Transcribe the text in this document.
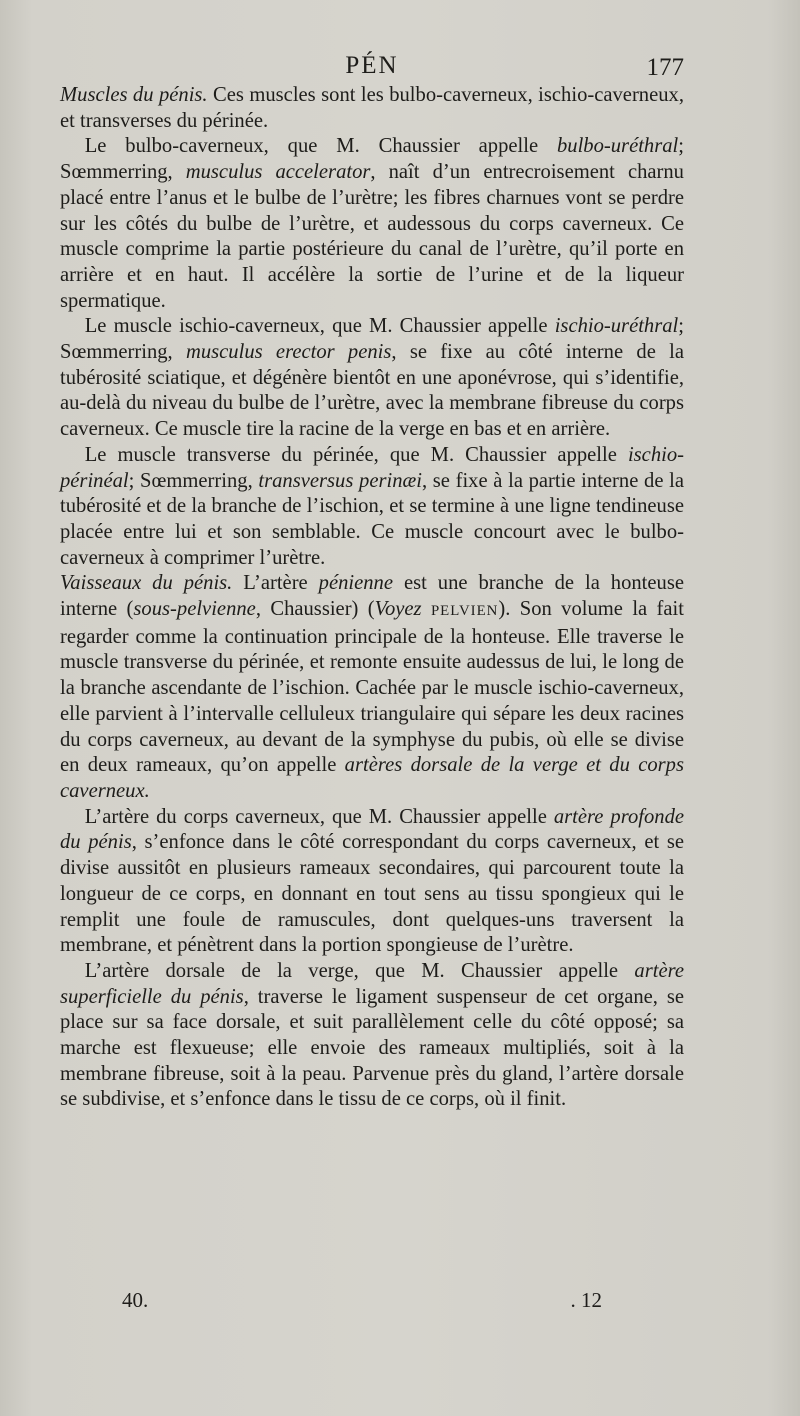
PÉN	177

Muscles du pénis. Ces muscles sont les bulbo-caverneux, ischio-caverneux, et transverses du périnée.

Le bulbo-caverneux, que M. Chaussier appelle bulbo-uréthral; Sœmmerring, musculus accelerator, naît d’un entrecroisement charnu placé entre l’anus et le bulbe de l’urètre; les fibres charnues vont se perdre sur les côtés du bulbe de l’urètre, et audessous du corps caverneux. Ce muscle comprime la partie postérieure du canal de l’urètre, qu’il porte en arrière et en haut. Il accélère la sortie de l’urine et de la liqueur spermatique.

Le muscle ischio-caverneux, que M. Chaussier appelle ischio-uréthral; Sœmmerring, musculus erector penis, se fixe au côté interne de la tubérosité sciatique, et dégénère bientôt en une aponévrose, qui s’identifie, au-delà du niveau du bulbe de l’urètre, avec la membrane fibreuse du corps caverneux. Ce muscle tire la racine de la verge en bas et en arrière.

Le muscle transverse du périnée, que M. Chaussier appelle ischio-périnéal; Sœmmerring, transversus perinæi, se fixe à la partie interne de la tubérosité et de la branche de l’ischion, et se termine à une ligne tendineuse placée entre lui et son semblable. Ce muscle concourt avec le bulbo-caverneux à comprimer l’urètre.

Vaisseaux du pénis. L’artère pénienne est une branche de la honteuse interne (sous-pelvienne, Chaussier) (Voyez PELVIEN). Son volume la fait regarder comme la continuation principale de la honteuse. Elle traverse le muscle transverse du périnée, et remonte ensuite audessus de lui, le long de la branche ascendante de l’ischion. Cachée par le muscle ischio-caverneux, elle parvient à l’intervalle celluleux triangulaire qui sépare les deux racines du corps caverneux, au devant de la symphyse du pubis, où elle se divise en deux rameaux, qu’on appelle artères dorsale de la verge et du corps caverneux.

L’artère du corps caverneux, que M. Chaussier appelle artère profonde du pénis, s’enfonce dans le côté correspondant du corps caverneux, et se divise aussitôt en plusieurs rameaux secondaires, qui parcourent toute la longueur de ce corps, en donnant en tout sens au tissu spongieux qui le remplit une foule de ramuscules, dont quelques-uns traversent la membrane, et pénètrent dans la portion spongieuse de l’urètre.

L’artère dorsale de la verge, que M. Chaussier appelle artère superficielle du pénis, traverse le ligament suspenseur de cet organe, se place sur sa face dorsale, et suit parallèlement celle du côté opposé; sa marche est flexueuse; elle envoie des rameaux multipliés, soit à la membrane fibreuse, soit à la peau. Parvenue près du gland, l’artère dorsale se subdivise, et s’enfonce dans le tissu de ce corps, où il finit.

40.	. 12
